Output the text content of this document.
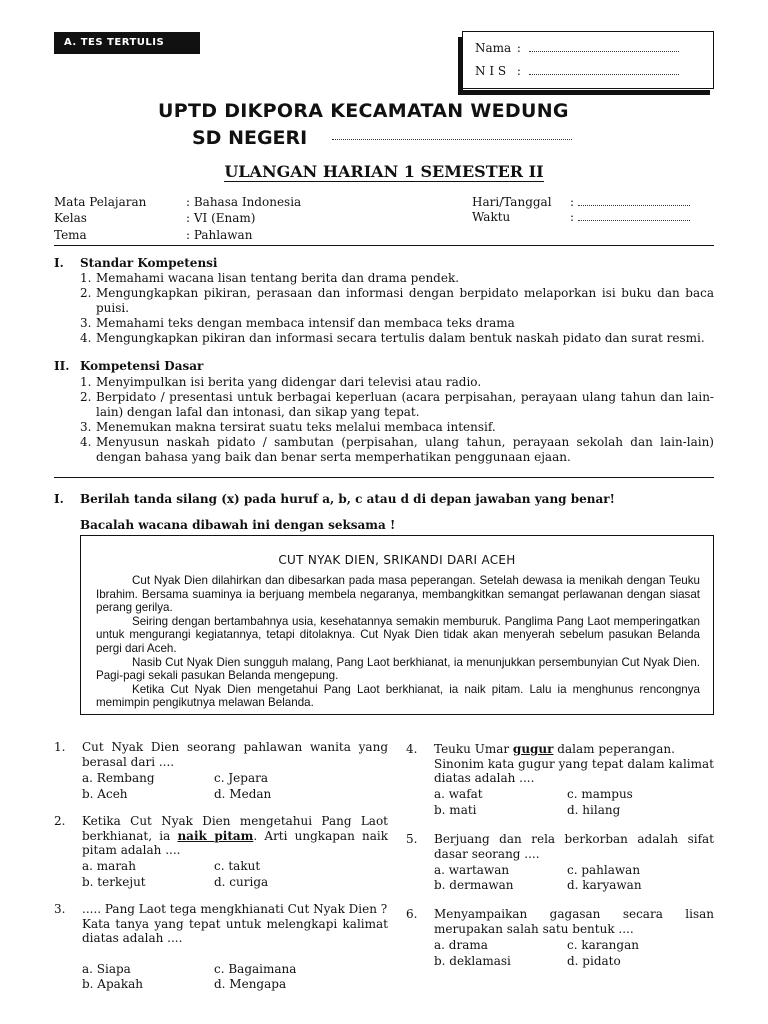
A. TES TERTULIS	Nama :
N I S :
UPTD DIKPORA KECAMATAN WEDUNG
SD NEGERI
ULANGAN HARIAN 1 SEMESTER II
Mata Pelajaran	: Bahasa Indonesia
Kelas	: VI (Enam)
Tema	: Pahlawan
Hari/Tanggal :
Waktu	:
I. Standar Kompetensi
1. Memahami wacana lisan tentang berita dan drama pendek.
2. Mengungkapkan pikiran, perasaan dan informasi dengan berpidato melaporkan isi buku dan baca puisi.
3. Memahami teks dengan membaca intensif dan membaca teks drama
4. Mengungkapkan pikiran dan informasi secara tertulis dalam bentuk naskah pidato dan surat resmi.
II. Kompetensi Dasar
1. Menyimpulkan isi berita yang didengar dari televisi atau radio.
2. Berpidato / presentasi untuk berbagai keperluan (acara perpisahan, perayaan ulang tahun dan lain-lain) dengan lafal dan intonasi, dan sikap yang tepat.
3. Menemukan makna tersirat suatu teks melalui membaca intensif.
4. Menyusun naskah pidato / sambutan (perpisahan, ulang tahun, perayaan sekolah dan lain-lain) dengan bahasa yang baik dan benar serta memperhatikan penggunaan ejaan.
I. Berilah tanda silang (x) pada huruf a, b, c atau d di depan jawaban yang benar!
Bacalah wacana dibawah ini dengan seksama !
CUT NYAK DIEN, SRIKANDI DARI ACEH

Cut Nyak Dien dilahirkan dan dibesarkan pada masa peperangan. Setelah dewasa ia menikah dengan Teuku Ibrahim. Bersama suaminya ia berjuang membela negaranya, membangkitkan semangat perlawanan dengan siasat perang gerilya.

Seiring dengan bertambahnya usia, kesehatannya semakin memburuk. Panglima Pang Laot memperingatkan untuk mengurangi kegiatannya, tetapi ditolaknya. Cut Nyak Dien tidak akan menyerah sebelum pasukan Belanda pergi dari Aceh.

Nasib Cut Nyak Dien sungguh malang, Pang Laot berkhianat, ia menunjukkan persembunyian Cut Nyak Dien. Pagi-pagi sekali pasukan Belanda mengepung.

Ketika Cut Nyak Dien mengetahui Pang Laot berkhianat, ia naik pitam. Lalu ia menghunus rencongnya memimpin pengikutnya melawan Belanda.

1. Cut Nyak Dien seorang pahlawan wanita yang berasal dari ....
a. Rembang	c. Jepara
b. Aceh	d. Medan
2. Ketika Cut Nyak Dien mengetahui Pang Laot berkhianat, ia naik pitam. Arti ungkapan naik pitam adalah ....
a. marah	c. takut
b. terkejut	d. curiga
3. ..... Pang Laot tega mengkhianati Cut Nyak Dien ?
Kata tanya yang tepat untuk melengkapi kalimat diatas adalah ....
a. Siapa	c. Bagaimana
b. Apakah	d. Mengapa
4. Teuku Umar gugur dalam peperangan.
Sinonim kata gugur yang tepat dalam kalimat diatas adalah ....
a. wafat	c. mampus
b. mati	d. hilang
5. Berjuang dan rela berkorban adalah sifat dasar seorang ....
a. wartawan	c. pahlawan
b. dermawan	d. karyawan
6. Menyampaikan gagasan secara lisan merupakan salah satu bentuk ....
a. drama	c. karangan
b. deklamasi	d. pidato
